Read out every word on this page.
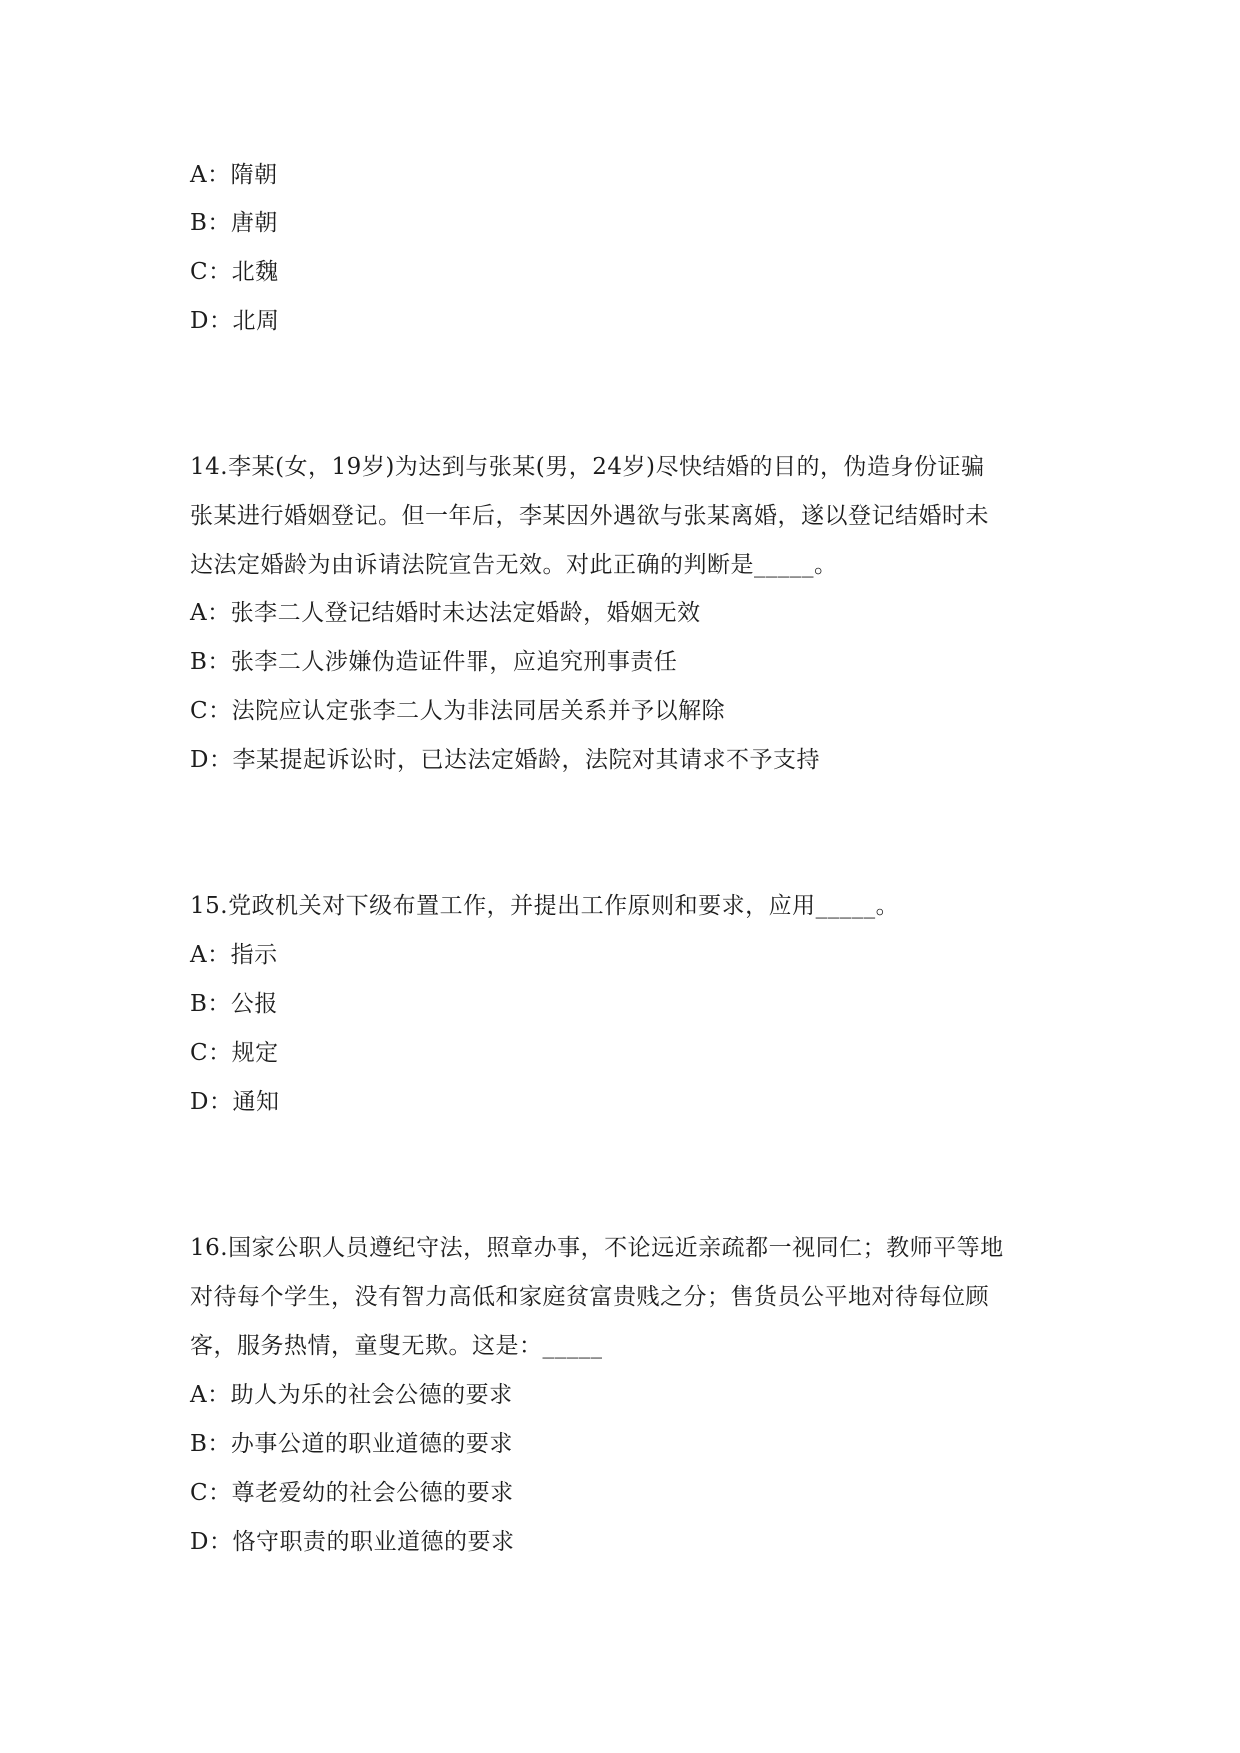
A：隋朝
B：唐朝
C：北魏
D：北周
14.李某(女，19岁)为达到与张某(男，24岁)尽快结婚的目的，伪造身份证骗
张某进行婚姻登记。但一年后，李某因外遇欲与张某离婚，遂以登记结婚时未
达法定婚龄为由诉请法院宣告无效。对此正确的判断是_____。
A：张李二人登记结婚时未达法定婚龄，婚姻无效
B：张李二人涉嫌伪造证件罪，应追究刑事责任
C：法院应认定张李二人为非法同居关系并予以解除
D：李某提起诉讼时，已达法定婚龄，法院对其请求不予支持
15.党政机关对下级布置工作，并提出工作原则和要求，应用_____。
A：指示
B：公报
C：规定
D：通知
16.国家公职人员遵纪守法，照章办事，不论远近亲疏都一视同仁；教师平等地
对待每个学生，没有智力高低和家庭贫富贵贱之分；售货员公平地对待每位顾
客，服务热情，童叟无欺。这是：_____
A：助人为乐的社会公德的要求
B：办事公道的职业道德的要求
C：尊老爱幼的社会公德的要求
D：恪守职责的职业道德的要求
